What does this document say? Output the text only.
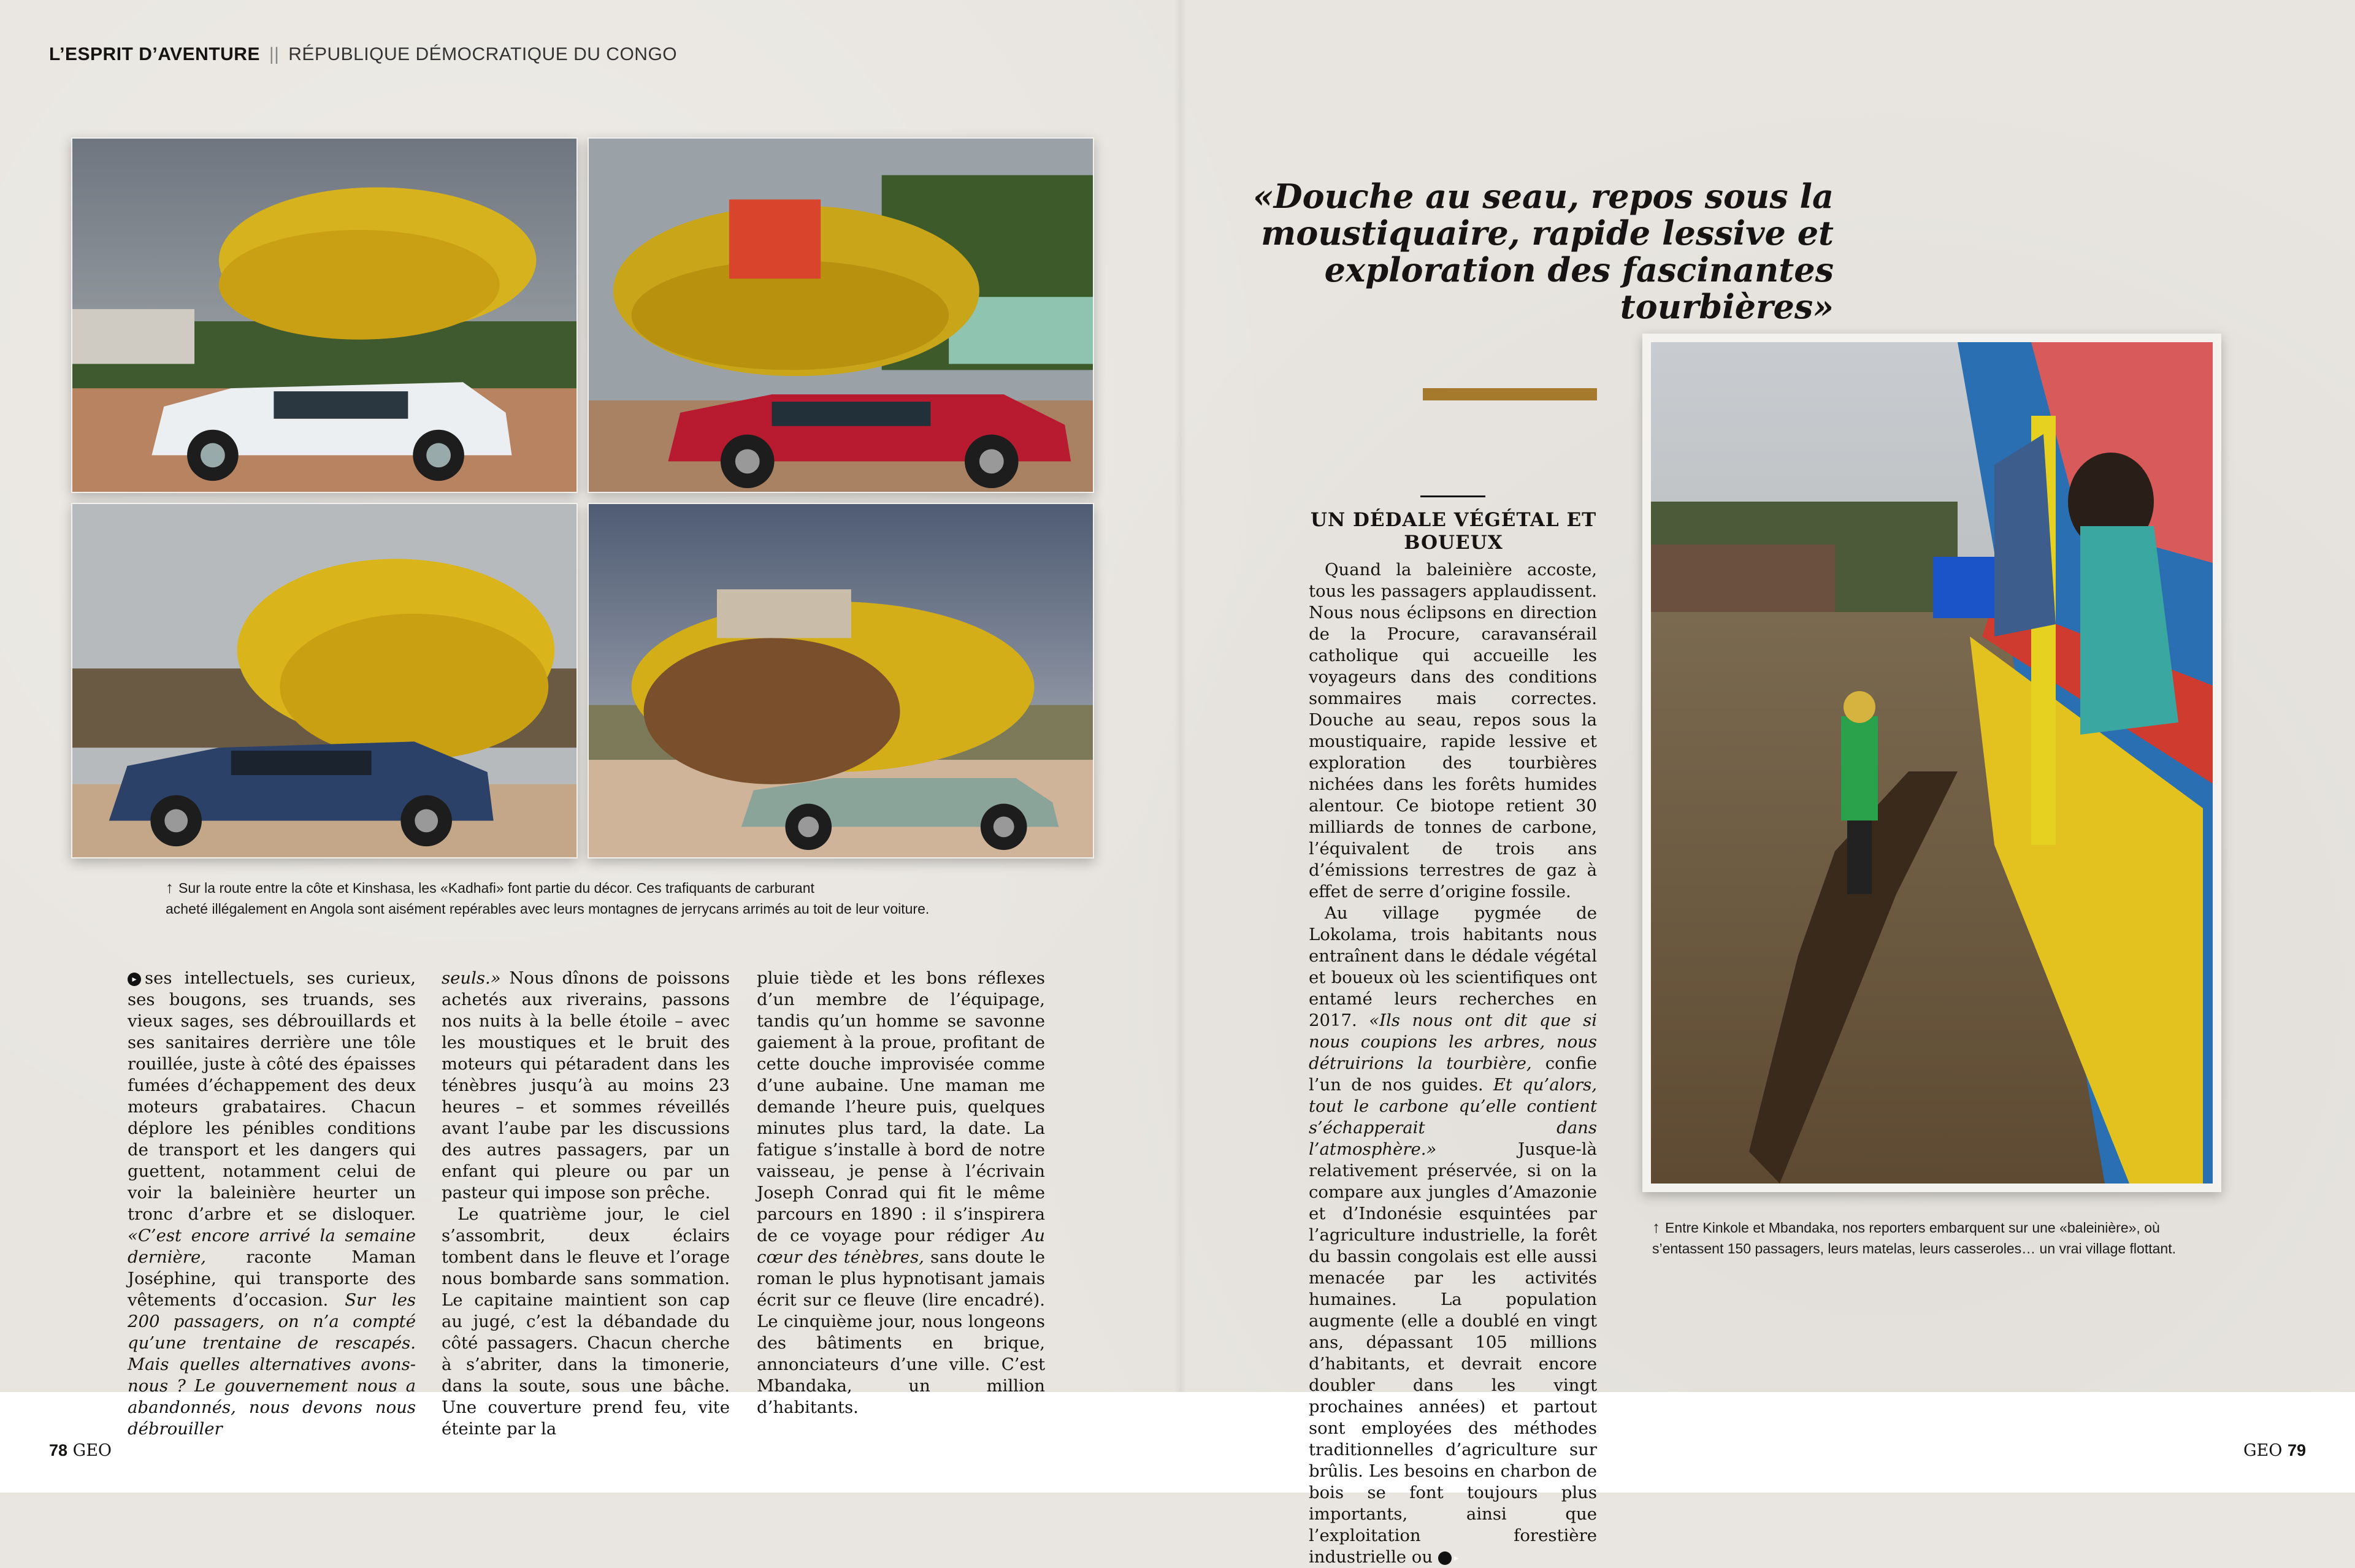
L’ESPRIT D’AVENTURE || RÉPUBLIQUE DÉMOCRATIQUE DU CONGO
↑ Sur la route entre la côte et Kinshasa, les «Kadhafi» font partie du décor. Ces trafiquants de carburant
acheté illégalement en Angola sont aisément repérables avec leurs montagnes de jerrycans arrimés au toit de leur voiture.

▸ ses intellectuels, ses curieux, ses bougons, ses truands, ses vieux sages, ses débrouillards et ses sanitaires derrière une tôle rouillée, juste à côté des épaisses fumées d’échappement des deux moteurs grabataires. Chacun déplore les pénibles conditions de transport et les dangers qui guettent, notamment celui de voir la baleinière heurter un tronc d’arbre et se disloquer. «C’est encore arrivé la semaine dernière, raconte Maman Joséphine, qui transporte des vêtements d’occasion. Sur les 200 passagers, on n’a compté qu’une trentaine de rescapés. Mais quelles alternatives avons-nous ? Le gouvernement nous a abandonnés, nous devons nous débrouiller

seuls.» Nous dînons de poissons achetés aux riverains, passons nos nuits à la belle étoile – avec les moustiques et le bruit des moteurs qui pétaradent dans les ténèbres jusqu’à au moins 23 heures – et sommes réveillés avant l’aube par les discussions des autres passagers, par un enfant qui pleure ou par un pasteur qui impose son prêche.

Le quatrième jour, le ciel s’assombrit, deux éclairs tombent dans le fleuve et l’orage nous bombarde sans sommation. Le capitaine maintient son cap au jugé, c’est la débandade du côté passagers. Chacun cherche à s’abriter, dans la timonerie, dans la soute, sous une bâche. Une couverture prend feu, vite éteinte par la

pluie tiède et les bons réflexes d’un membre de l’équipage, tandis qu’un homme se savonne gaiement à la proue, profitant de cette douche improvisée comme d’une aubaine. Une maman me demande l’heure puis, quelques minutes plus tard, la date. La fatigue s’installe à bord de notre vaisseau, je pense à l’écrivain Joseph Conrad qui fit le même parcours en 1890 : il s’inspirera de ce voyage pour rédiger Au cœur des ténèbres, sans doute le roman le plus hypnotisant jamais écrit sur ce fleuve (lire encadré). Le cinquième jour, nous longeons des bâtiments en brique, annonciateurs d’une ville. C’est Mbandaka, un million d’habitants.

«Douche au seau, repos sous la moustiquaire, rapide lessive et exploration des fascinantes tourbières»
UN DÉDALE VÉGÉTAL ET BOUEUX

Quand la baleinière accoste, tous les passagers applaudissent. Nous nous éclipsons en direction de la Procure, caravansérail catholique qui accueille les voyageurs dans des conditions sommaires mais correctes. Douche au seau, repos sous la moustiquaire, rapide lessive et exploration des tourbières nichées dans les forêts humides alentour. Ce biotope retient 30 milliards de tonnes de carbone, l’équivalent de trois ans d’émissions terrestres de gaz à effet de serre d’origine fossile.

Au village pygmée de Lokolama, trois habitants nous entraînent dans le dédale végétal et boueux où les scientifiques ont entamé leurs recherches en 2017. «Ils nous ont dit que si nous coupions les arbres, nous détruirions la tourbière, confie l’un de nos guides. Et qu’alors, tout le carbone qu’elle contient s’échapperait dans l’atmosphère.»	Jusque-là relativement préservée, si on la compare aux jungles d’Amazonie et d’Indonésie esquintées par l’agriculture industrielle, la forêt du bassin congolais est elle aussi menacée par les activités humaines. La population augmente (elle a doublé en vingt ans, dépassant 105 millions d’habitants, et devrait encore doubler dans les vingt prochaines années) et partout sont employées des méthodes traditionnelles d’agriculture sur brûlis. Les besoins en charbon de bois se font toujours plus importants, ainsi que l’exploitation forestière industrielle ou ▸

↑ Entre Kinkole et Mbandaka, nos reporters embarquent sur une «baleinière», où
s’entassent 150 passagers, leurs matelas, leurs casseroles… un vrai village flottant.
78 GEO	GEO 79
